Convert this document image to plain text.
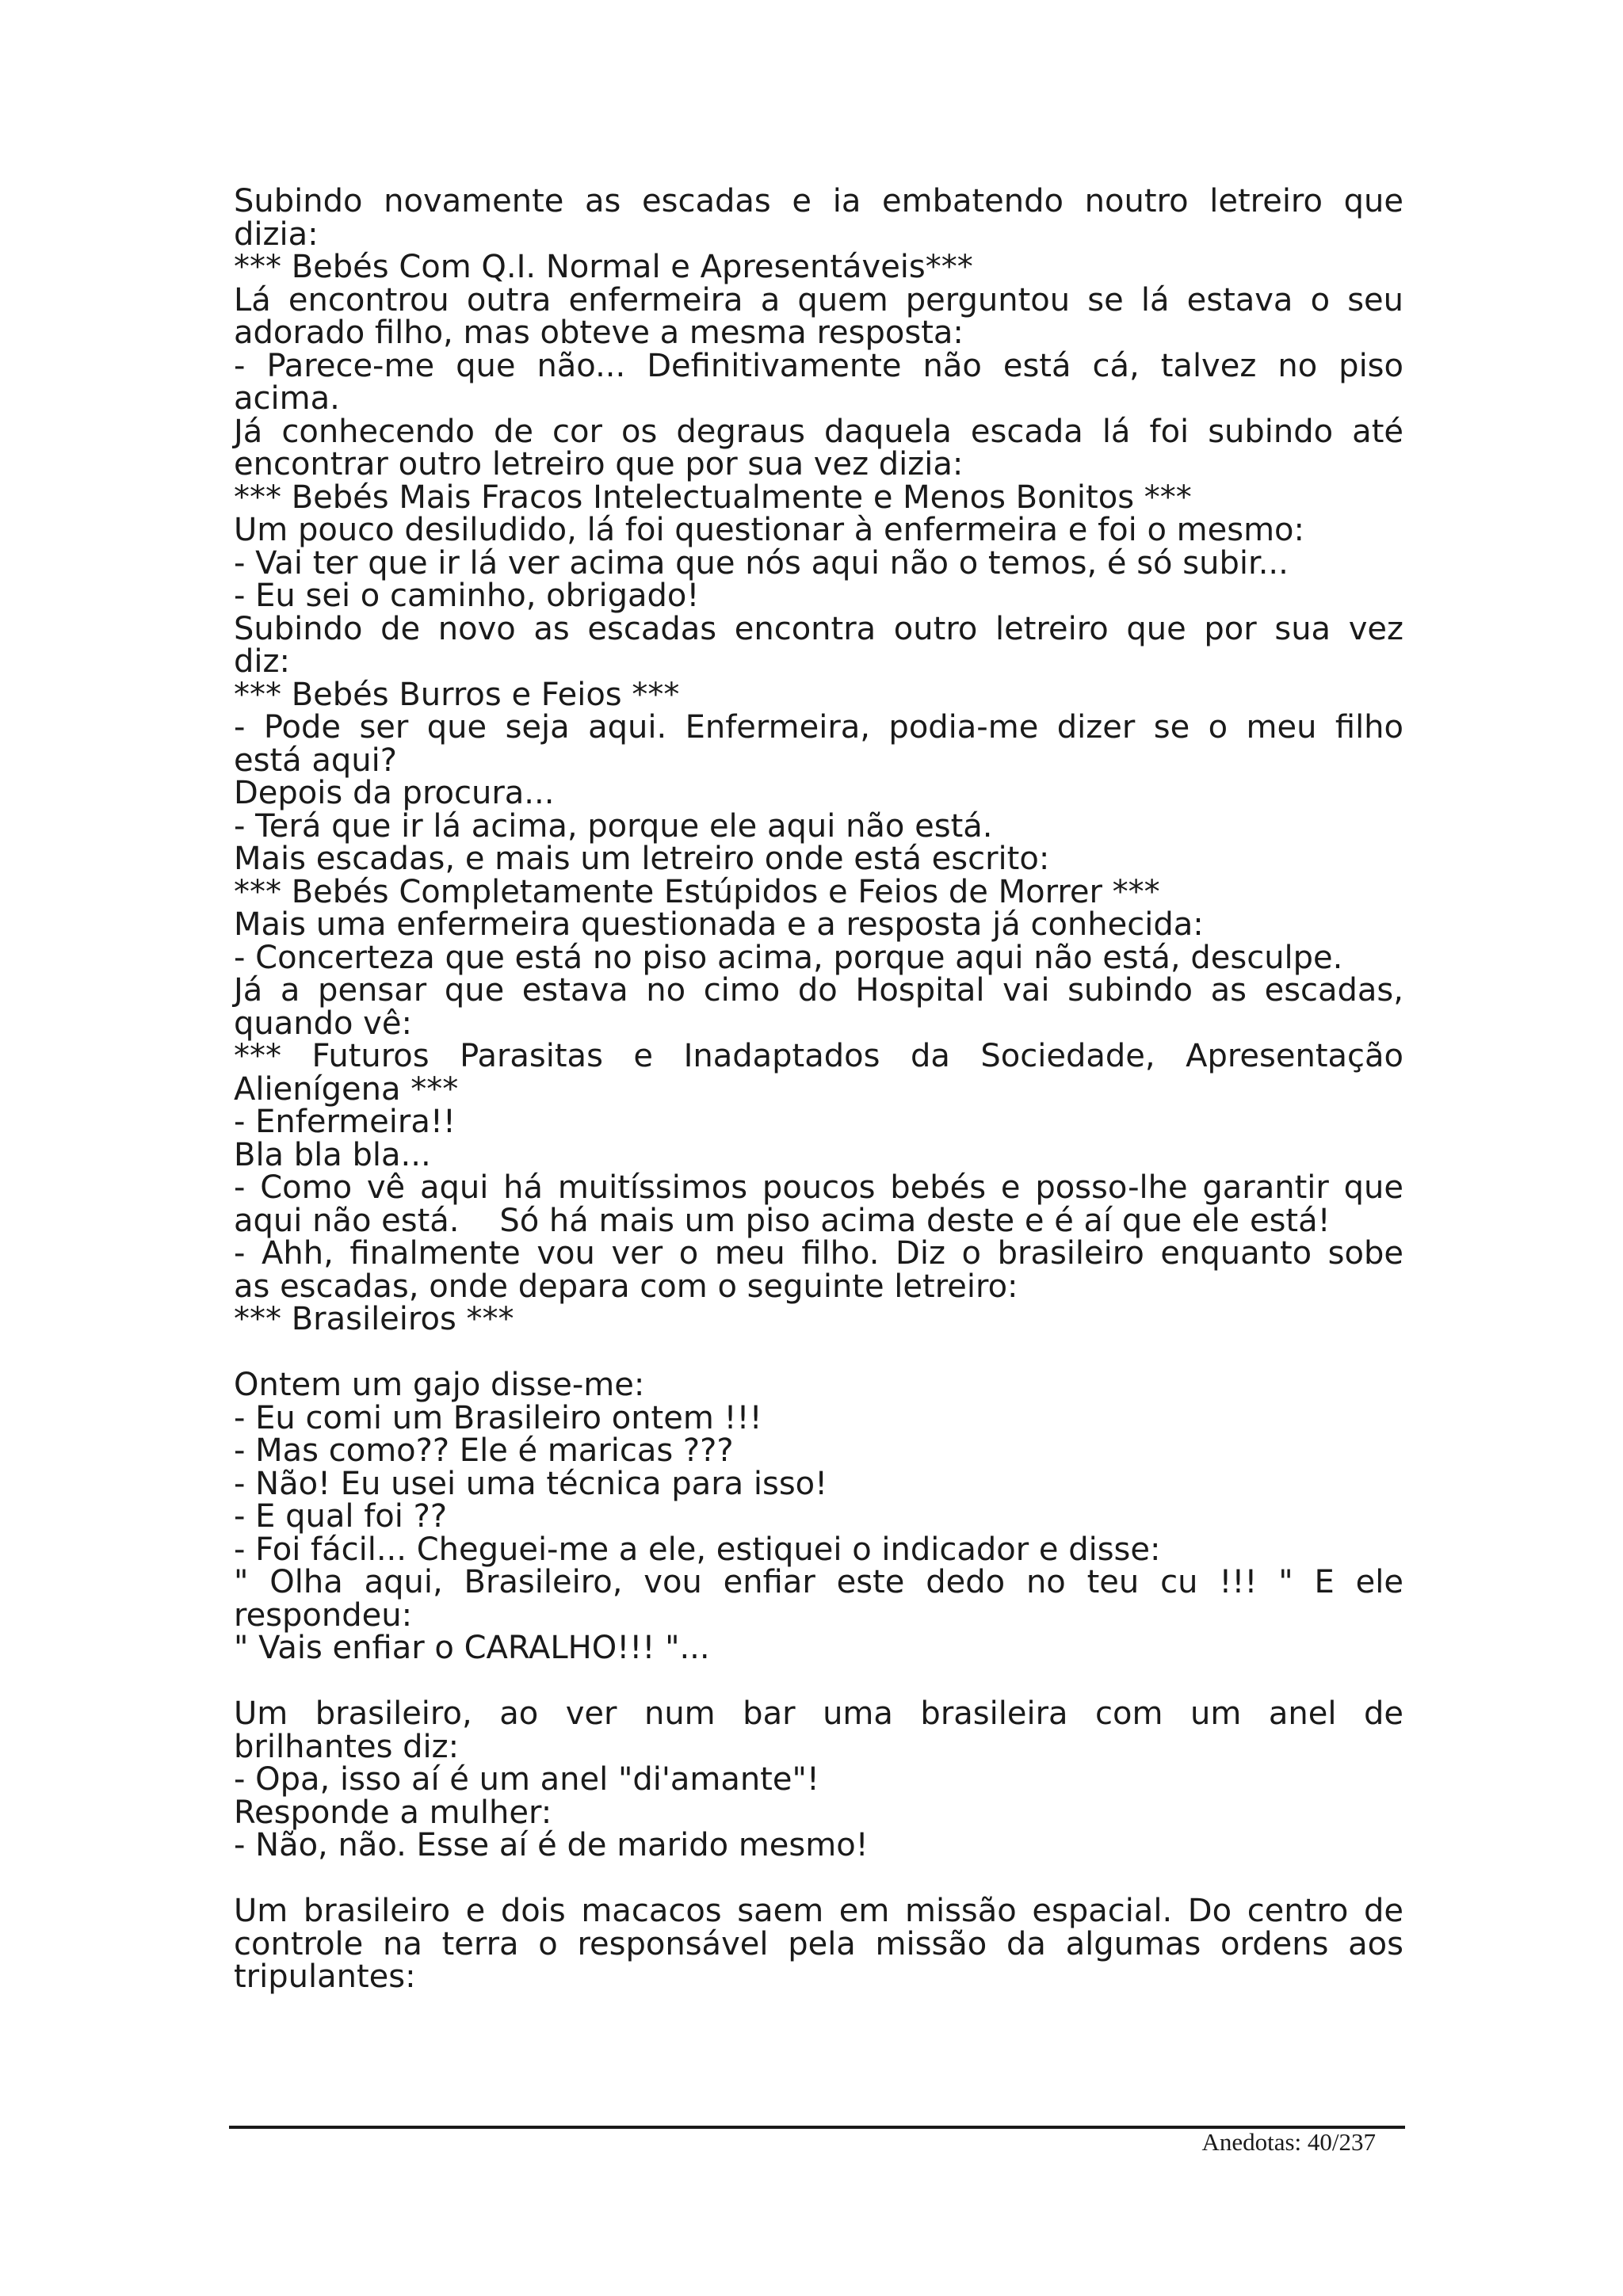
Subindo novamente as escadas e ia embatendo noutro letreiro que
dizia:
*** Bebés Com Q.I. Normal e Apresentáveis***
Lá encontrou outra enfermeira a quem perguntou se lá estava o seu
adorado filho, mas obteve a mesma resposta:
- Parece-me que não... Definitivamente não está cá, talvez no piso
acima.
Já conhecendo de cor os degraus daquela escada lá foi subindo até
encontrar outro letreiro que por sua vez dizia:
*** Bebés Mais Fracos Intelectualmente e Menos Bonitos ***
Um pouco desiludido, lá foi questionar à enfermeira e foi o mesmo:
- Vai ter que ir lá ver acima que nós aqui não o temos, é só subir...
- Eu sei o caminho, obrigado!
Subindo de novo as escadas encontra outro letreiro que por sua vez
diz:
*** Bebés Burros e Feios ***
- Pode ser que seja aqui. Enfermeira, podia-me dizer se o meu filho
está aqui?
Depois da procura...
- Terá que ir lá acima, porque ele aqui não está.
Mais escadas, e mais um letreiro onde está escrito:
*** Bebés Completamente Estúpidos e Feios de Morrer ***
Mais uma enfermeira questionada e a resposta já conhecida:
- Concerteza que está no piso acima, porque aqui não está, desculpe.
Já a pensar que estava no cimo do Hospital vai subindo as escadas,
quando vê:
*** Futuros Parasitas e Inadaptados da Sociedade, Apresentação
Alienígena ***
- Enfermeira!!
Bla bla bla...
- Como vê aqui há muitíssimos poucos bebés e posso-lhe garantir que
aqui não está.    Só há mais um piso acima deste e é aí que ele está!
- Ahh, finalmente vou ver o meu filho. Diz o brasileiro enquanto sobe
as escadas, onde depara com o seguinte letreiro:
*** Brasileiros ***
Ontem um gajo disse-me:
- Eu comi um Brasileiro ontem !!!
- Mas como?? Ele é maricas ???
- Não! Eu usei uma técnica para isso!
- E qual foi ??
- Foi fácil... Cheguei-me a ele, estiquei o indicador e disse:
" Olha aqui, Brasileiro, vou enfiar este dedo no teu cu !!! " E ele
respondeu:
" Vais enfiar o CARALHO!!! "...
Um brasileiro, ao ver num bar uma brasileira com um anel de
brilhantes diz:
- Opa, isso aí é um anel "di'amante"!
Responde a mulher:
- Não, não. Esse aí é de marido mesmo!
Um brasileiro e dois macacos saem em missão espacial. Do centro de
controle na terra o responsável pela missão da algumas ordens aos
tripulantes:
Anedotas: 40/237
